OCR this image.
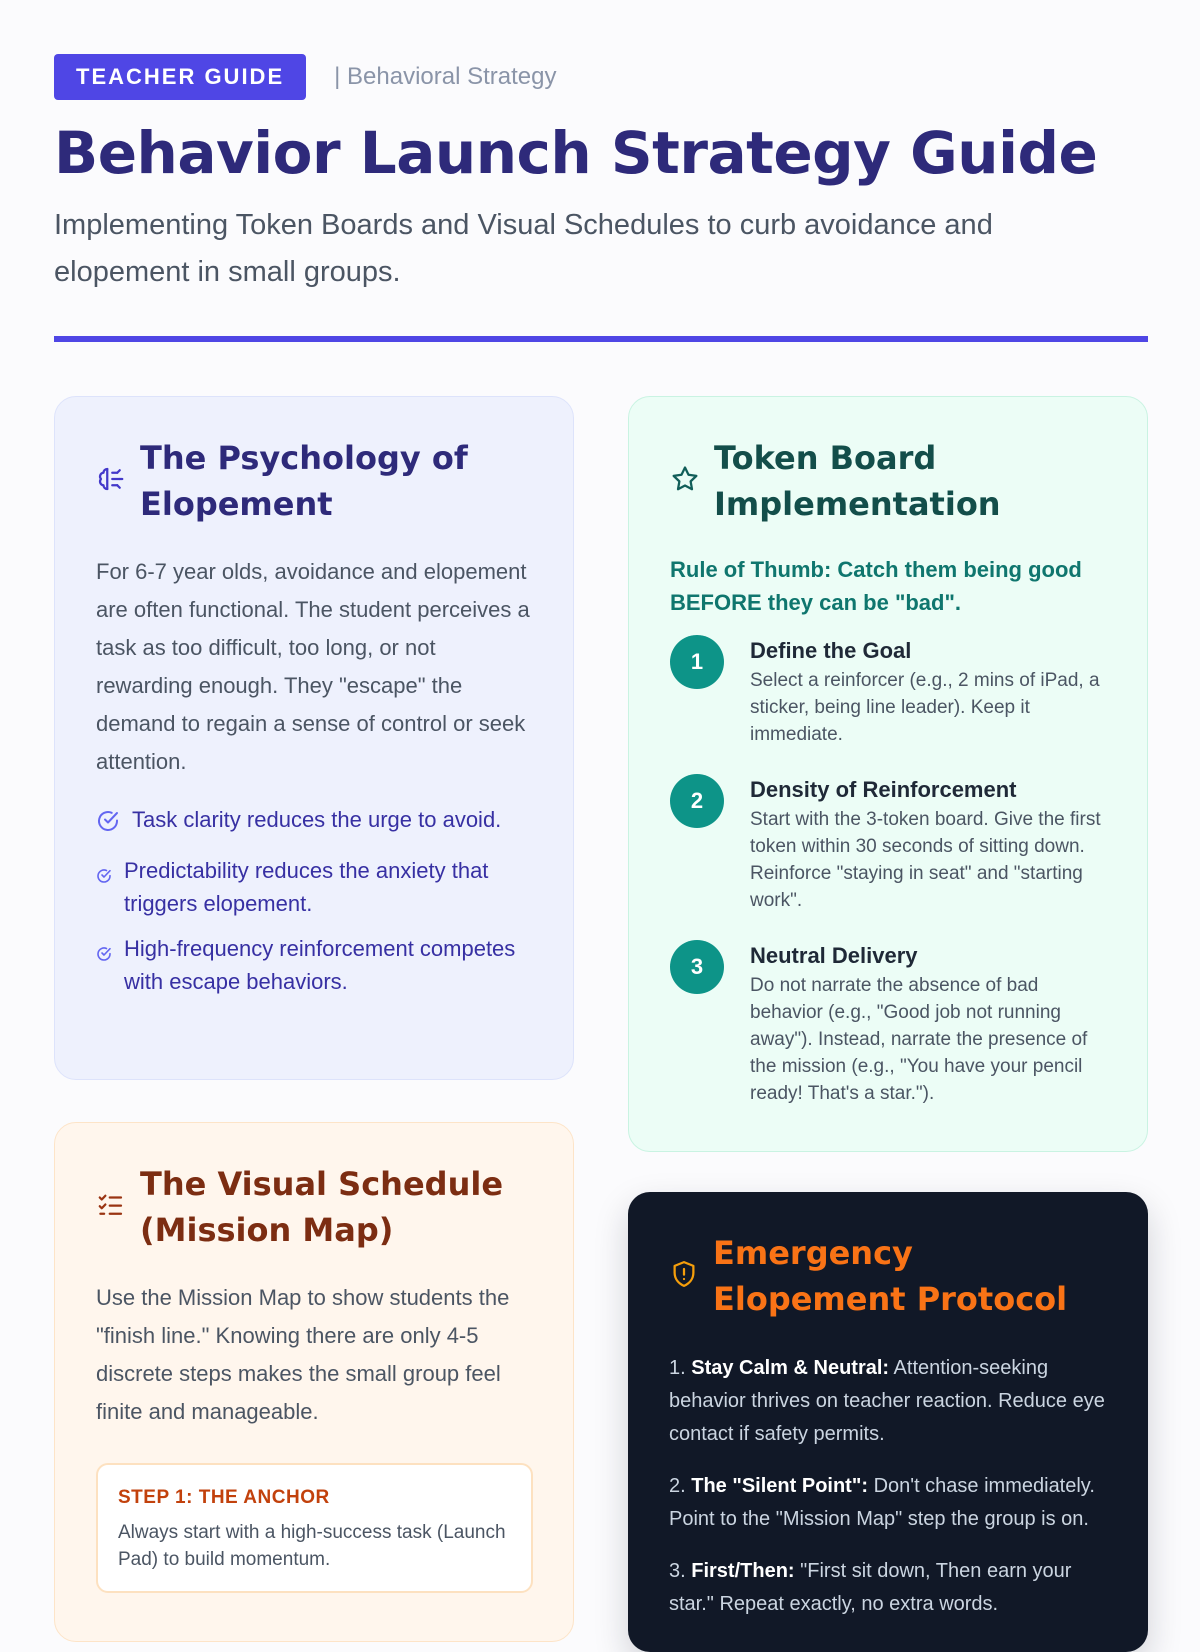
TEACHER GUIDE	| Behavioral Strategy
Behavior Launch Strategy Guide

Implementing Token Boards and Visual Schedules to curb avoidance and elopement in small groups.

The Psychology of Elopement

For 6-7 year olds, avoidance and elopement are often functional. The student perceives a task as too difficult, too long, or not rewarding enough. They "escape" the demand to regain a sense of control or seek attention.

Task clarity reduces the urge to avoid.
Predictability reduces the anxiety that triggers elopement.
High-frequency reinforcement competes with escape behaviors.
Token Board Implementation

Rule of Thumb: Catch them being good BEFORE they can be "bad".

1	Define the Goal
Select a reinforcer (e.g., 2 mins of iPad, a sticker, being line leader). Keep it immediate.
2	Density of Reinforcement
Start with the 3-token board. Give the first token within 30 seconds of sitting down. Reinforce "staying in seat" and "starting work".
3	Neutral Delivery
Do not narrate the absence of bad behavior (e.g., "Good job not running away"). Instead, narrate the presence of the mission (e.g., "You have your pencil ready! That's a star.").
The Visual Schedule (Mission Map)

Use the Mission Map to show students the "finish line." Knowing there are only 4-5 discrete steps makes the small group feel finite and manageable.

STEP 1: THE ANCHOR
Always start with a high-success task (Launch Pad) to build momentum.
Emergency Elopement Protocol
1. Stay Calm & Neutral: Attention-seeking behavior thrives on teacher reaction. Reduce eye contact if safety permits.
2. The "Silent Point": Don't chase immediately. Point to the "Mission Map" step the group is on.
3. First/Then: "First sit down, Then earn your star." Repeat exactly, no extra words.
